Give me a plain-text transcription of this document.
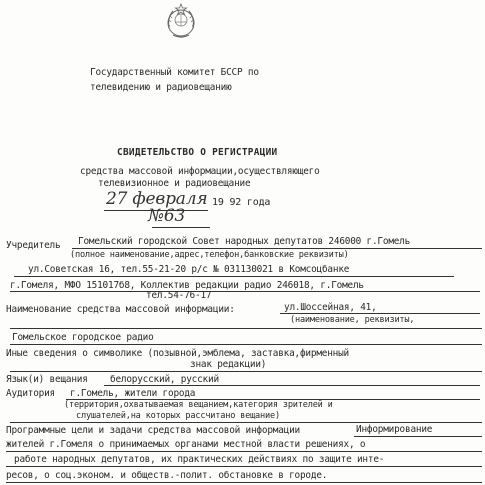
Государственный комитет БССР по
телевидению и радиовещанию
СВИДЕТЕЛЬСТВО О РЕГИСТРАЦИИ
средства массовой информации,осуществляющего
телевизионное и радиовещание
27 февраля 19 92 года
№63
Учредитель Гомельский городской Совет народных депутатов 246000 г.Гомель
(полное наименование,адрес,телефон,банковские реквизиты)
ул.Советская 16, тел.55-21-20 р/с № 031130021 в Комсоцбанке
г.Гомеля, МФО 151017б8, Коллектив редакции радио 246018, г.Гомель
тел.54-76-17
Наименование средства массовой информации:	ул.Шоссейная, 41,
(наименование, реквизиты,
Гомельское городское радио
Иные сведения о символике (позывной,эмблема, заставка,фирменный
знак редакции)
Язык(и) вещания белорусский, русский
Аудитория г.Гомель, жители города
(территория,охватываемая вещанием,категория зрителей и
слушателей,на которых рассчитано вещание)
Программные цели и задачи средства массовой информации	Информирование
жителей г.Гомеля о принимаемых органами местной власти решениях, о
работе народных депутатов, их практических действиях по защите инте-
ресов, о соц.эконом. и обществ.-полит. обстановке в городе.
